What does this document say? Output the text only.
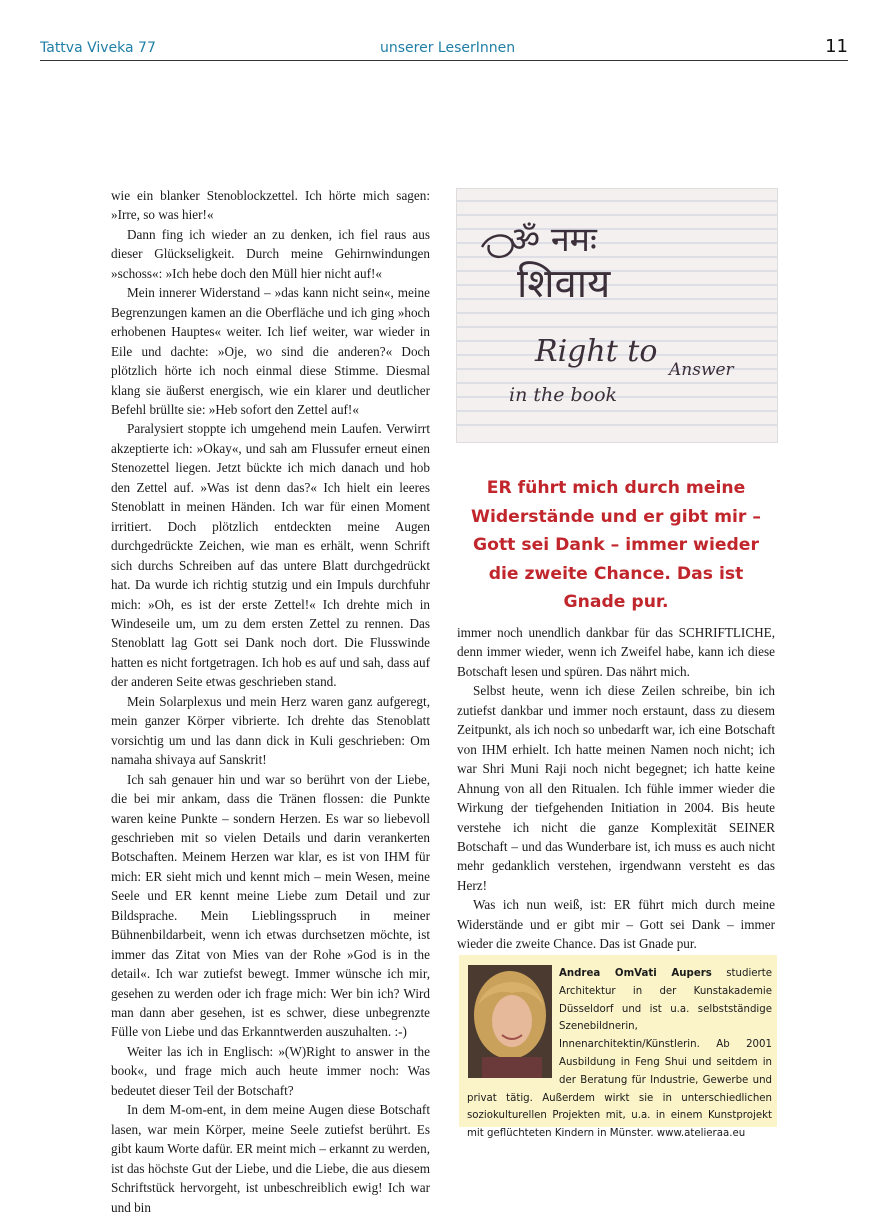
Tattva Viveka 77	unserer LeserInnen	11

wie ein blanker Stenoblockzettel. Ich hörte mich sagen: »Irre, so was hier!«

Dann fing ich wieder an zu denken, ich fiel raus aus dieser Glückseligkeit. Durch meine Gehirnwindungen »schoss«: »Ich hebe doch den Müll hier nicht auf!«

Mein innerer Widerstand – »das kann nicht sein«, meine Begrenzungen kamen an die Oberfläche und ich ging »hoch erhobenen Hauptes« weiter. Ich lief weiter, war wieder in Eile und dachte: »Oje, wo sind die anderen?« Doch plötzlich hörte ich noch einmal diese Stimme. Diesmal klang sie äußerst energisch, wie ein klarer und deutlicher Befehl brüllte sie: »Heb sofort den Zettel auf!«

Paralysiert stoppte ich umgehend mein Laufen. Verwirrt akzeptierte ich: »Okay«, und sah am Flussufer erneut einen Stenozettel liegen. Jetzt bückte ich mich danach und hob den Zettel auf. »Was ist denn das?« Ich hielt ein leeres Stenoblatt in meinen Händen. Ich war für einen Moment irritiert. Doch plötzlich entdeckten meine Augen durchgedrückte Zeichen, wie man es erhält, wenn Schrift sich durchs Schreiben auf das untere Blatt durchgedrückt hat. Da wurde ich richtig stutzig und ein Impuls durchfuhr mich: »Oh, es ist der erste Zettel!« Ich drehte mich in Windeseile um, um zu dem ersten Zettel zu rennen. Das Stenoblatt lag Gott sei Dank noch dort. Die Flusswinde hatten es nicht fortgetragen. Ich hob es auf und sah, dass auf der anderen Seite etwas geschrieben stand.

Mein Solarplexus und mein Herz waren ganz aufgeregt, mein ganzer Körper vibrierte. Ich drehte das Stenoblatt vorsichtig um und las dann dick in Kuli geschrieben: Om namaha shivaya auf Sanskrit!

Ich sah genauer hin und war so berührt von der Liebe, die bei mir ankam, dass die Tränen flossen: die Punkte waren keine Punkte – sondern Herzen. Es war so liebevoll geschrieben mit so vielen Details und darin verankerten Botschaften. Meinem Herzen war klar, es ist von IHM für mich: ER sieht mich und kennt mich – mein Wesen, meine Seele und ER kennt meine Liebe zum Detail und zur Bildsprache. Mein Lieblingsspruch in meiner Bühnenbildarbeit, wenn ich etwas durchsetzen möchte, ist immer das Zitat von Mies van der Rohe »God is in the detail«. Ich war zutiefst bewegt. Immer wünsche ich mir, gesehen zu werden oder ich frage mich: Wer bin ich? Wird man dann aber gesehen, ist es schwer, diese unbegrenzte Fülle von Liebe und das Erkanntwerden auszuhalten. :-)

Weiter las ich in Englisch: »(W)Right to answer in the book«, und frage mich auch heute immer noch: Was bedeutet dieser Teil der Botschaft?

In dem M-om-ent, in dem meine Augen diese Botschaft lasen, war mein Körper, meine Seele zutiefst berührt. Es gibt kaum Worte dafür. ER meint mich – erkannt zu werden, ist das höchste Gut der Liebe, und die Liebe, die aus diesem Schriftstück hervorgeht, ist unbeschreiblich ewig! Ich war und bin

ॐ नमः
शिवाय
Right to
Answer
in the book
ER führt mich durch meine Widerstände und er gibt mir – Gott sei Dank – immer wieder die zweite Chance. Das ist Gnade pur.

immer noch unendlich dankbar für das SCHRIFTLICHE, denn immer wieder, wenn ich Zweifel habe, kann ich diese Botschaft lesen und spüren. Das nährt mich.

Selbst heute, wenn ich diese Zeilen schreibe, bin ich zutiefst dankbar und immer noch erstaunt, dass zu diesem Zeitpunkt, als ich noch so unbedarft war, ich eine Botschaft von IHM erhielt. Ich hatte meinen Namen noch nicht; ich war Shri Muni Raji noch nicht begegnet; ich hatte keine Ahnung von all den Ritualen. Ich fühle immer wieder die Wirkung der tiefgehenden Initiation in 2004. Bis heute verstehe ich nicht die ganze Komplexität SEINER Botschaft – und das Wunderbare ist, ich muss es auch nicht mehr gedanklich verstehen, irgendwann versteht es das Herz!

Was ich nun weiß, ist: ER führt mich durch meine Widerstände und er gibt mir – Gott sei Dank – immer wieder die zweite Chance. Das ist Gnade pur.

Andrea OmVati Aupers studierte Architektur in der Kunstakademie Düsseldorf und ist u.a. selbstständige Szenebildnerin, Innenarchitektin/Künstlerin. Ab 2001 Ausbildung in Feng Shui und seitdem in der Beratung für Industrie, Gewerbe und privat tätig. Außerdem wirkt sie in unterschiedlichen soziokulturellen Projekten mit, u.a. in einem Kunstprojekt mit geflüchteten Kindern in Münster. www.atelieraa.eu
